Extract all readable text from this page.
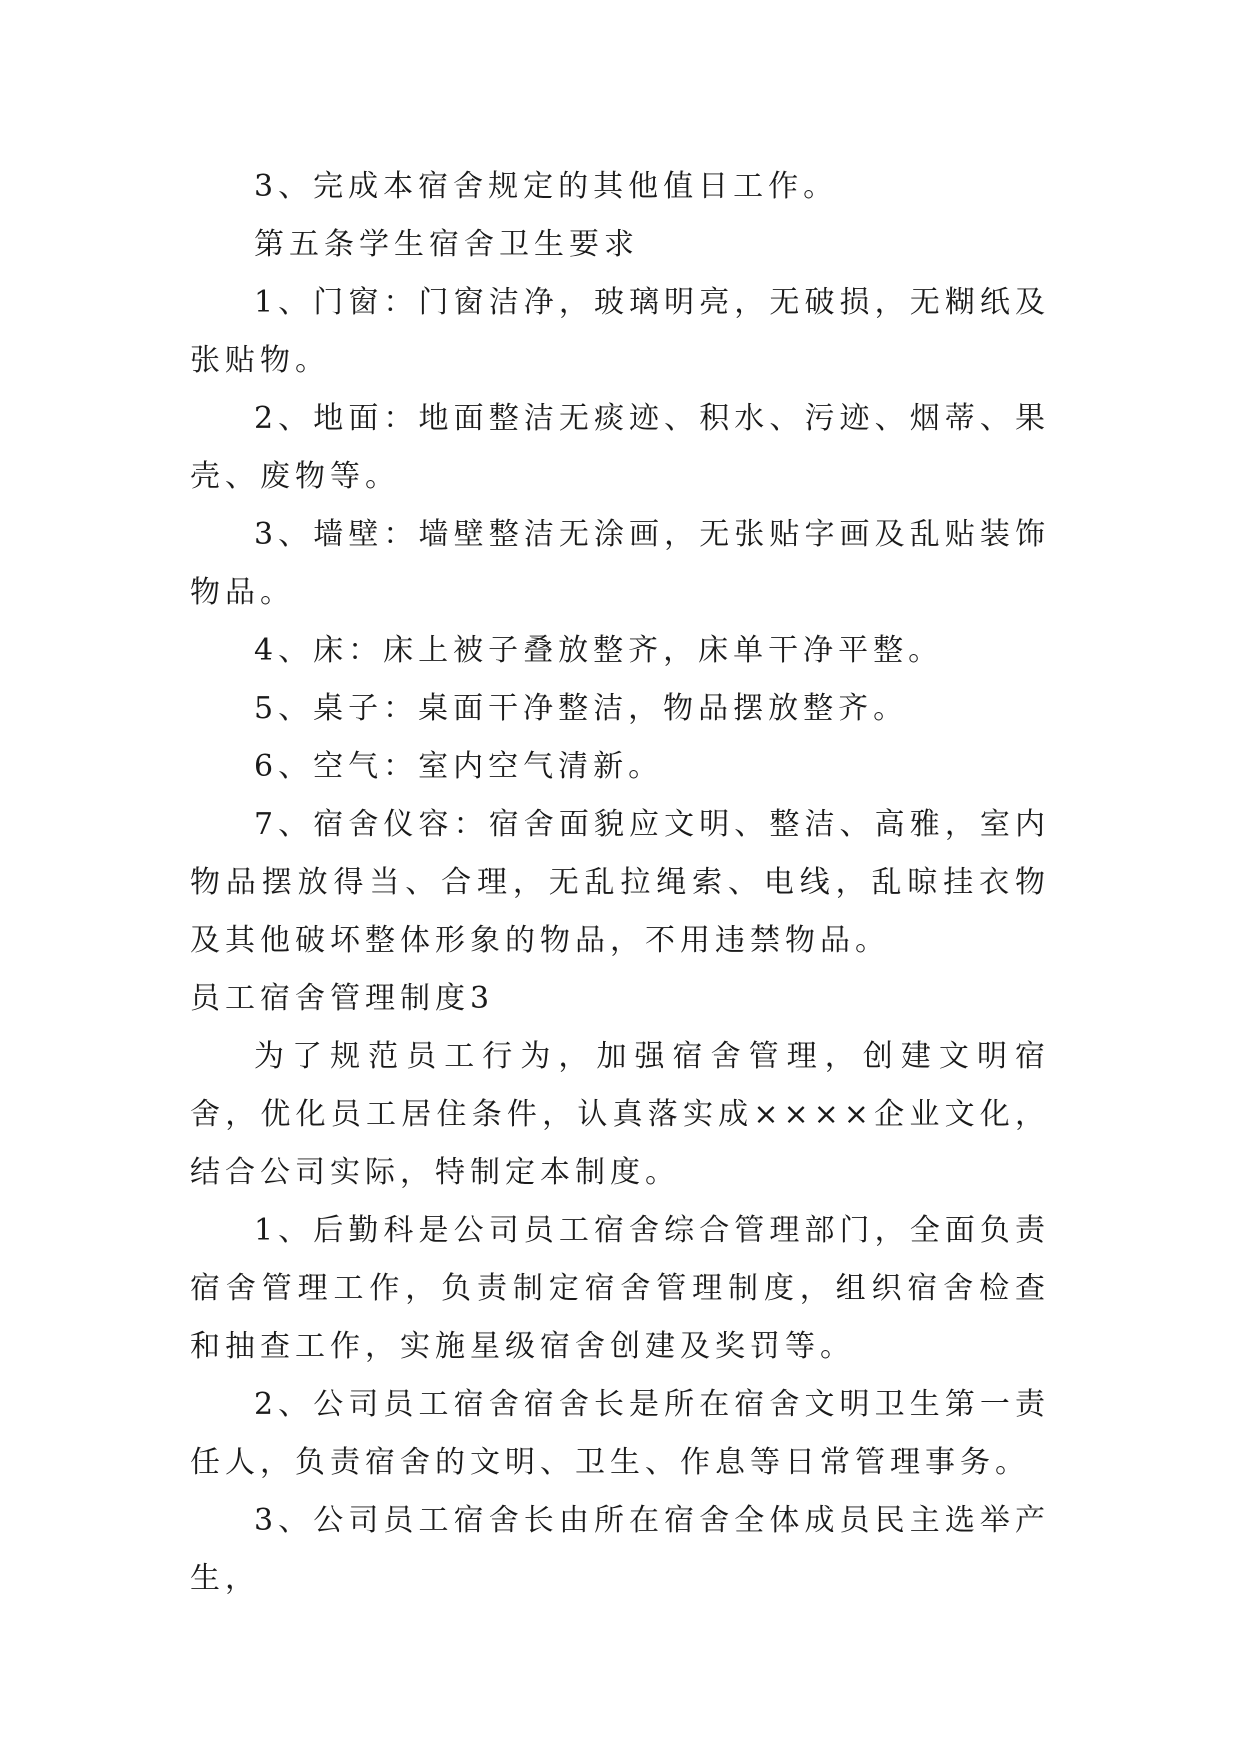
3、完成本宿舍规定的其他值日工作。

第五条学生宿舍卫生要求

1、门窗：门窗洁净，玻璃明亮，无破损，无糊纸及张贴物。

2、地面：地面整洁无痰迹、积水、污迹、烟蒂、果壳、废物等。

3、墙壁：墙壁整洁无涂画，无张贴字画及乱贴装饰物品。

4、床：床上被子叠放整齐，床单干净平整。

5、桌子：桌面干净整洁，物品摆放整齐。

6、空气：室内空气清新。

7、宿舍仪容：宿舍面貌应文明、整洁、高雅，室内物品摆放得当、合理，无乱拉绳索、电线，乱晾挂衣物及其他破坏整体形象的物品，不用违禁物品。

员工宿舍管理制度3

为了规范员工行为，加强宿舍管理，创建文明宿舍，优化员工居住条件，认真落实成××××企业文化，结合公司实际，特制定本制度。

1、后勤科是公司员工宿舍综合管理部门，全面负责宿舍管理工作，负责制定宿舍管理制度，组织宿舍检查和抽查工作，实施星级宿舍创建及奖罚等。

2、公司员工宿舍宿舍长是所在宿舍文明卫生第一责任人，负责宿舍的文明、卫生、作息等日常管理事务。

3、公司员工宿舍长由所在宿舍全体成员民主选举产生，
